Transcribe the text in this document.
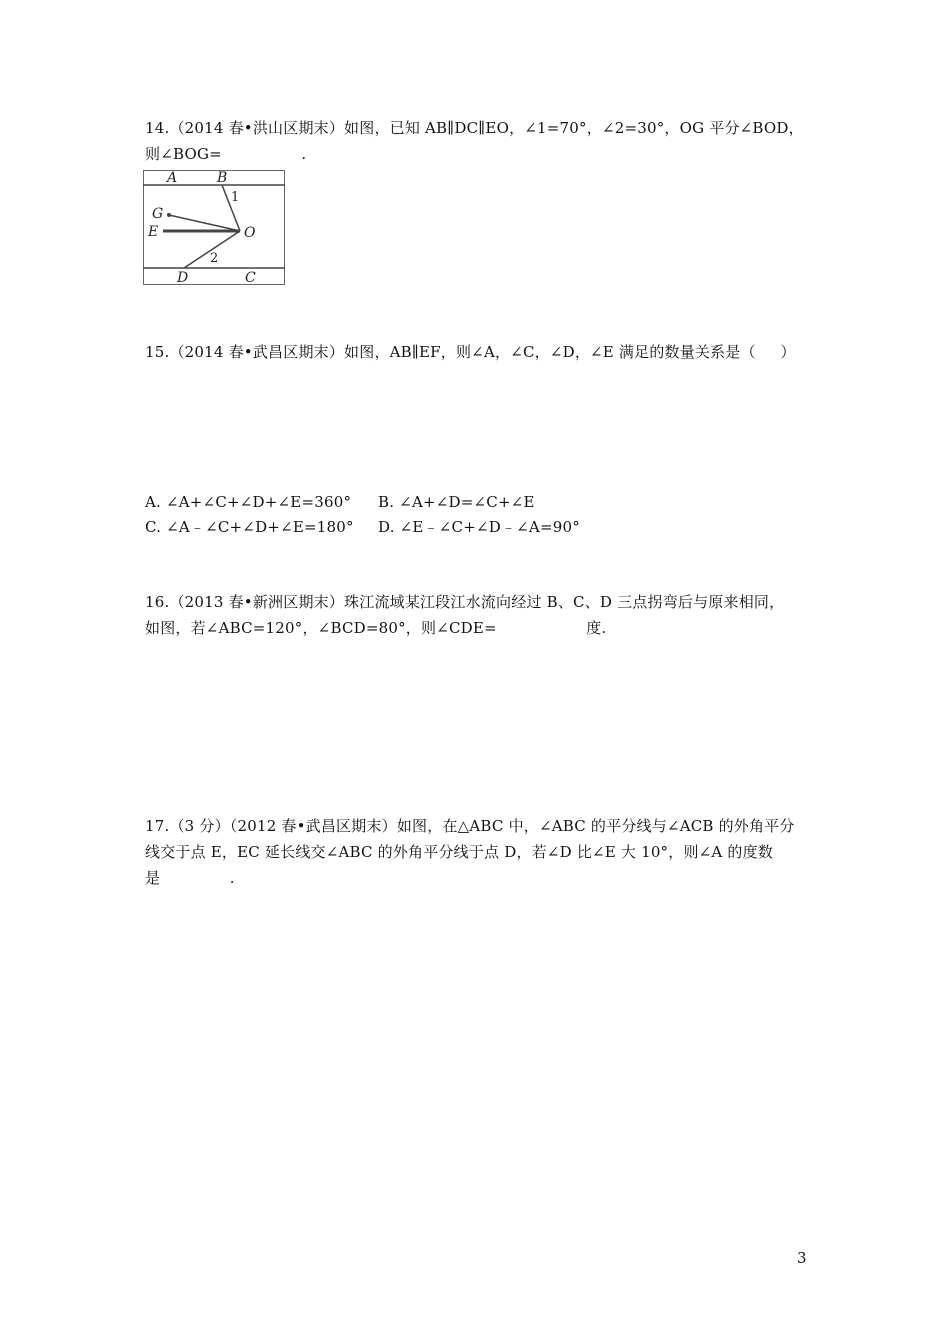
14.（2014 春•洪山区期末）如图，已知 AB∥DC∥EO，∠1=70°，∠2=30°，OG 平分∠BOD，
则∠BOG=                .
A	B
1
G
E	O
2
D	C
15.（2014 春•武昌区期末）如图，AB∥EF，则∠A，∠C，∠D，∠E 满足的数量关系是（     ）
A. ∠A+∠C+∠D+∠E=360° B. ∠A+∠D=∠C+∠E
C. ∠A﹣∠C+∠D+∠E=180° D. ∠E﹣∠C+∠D﹣∠A=90°
16.（2013 春•新洲区期末）珠江流域某江段江水流向经过 B、C、D 三点拐弯后与原来相同，
如图，若∠ABC=120°，∠BCD=80°，则∠CDE=                  度.
17.（3 分）（2012 春•武昌区期末）如图，在△ABC 中，∠ABC 的平分线与∠ACB 的外角平分
线交于点 E，EC 延长线交∠ABC 的外角平分线于点 D，若∠D 比∠E 大 10°，则∠A 的度数
是              .
3
